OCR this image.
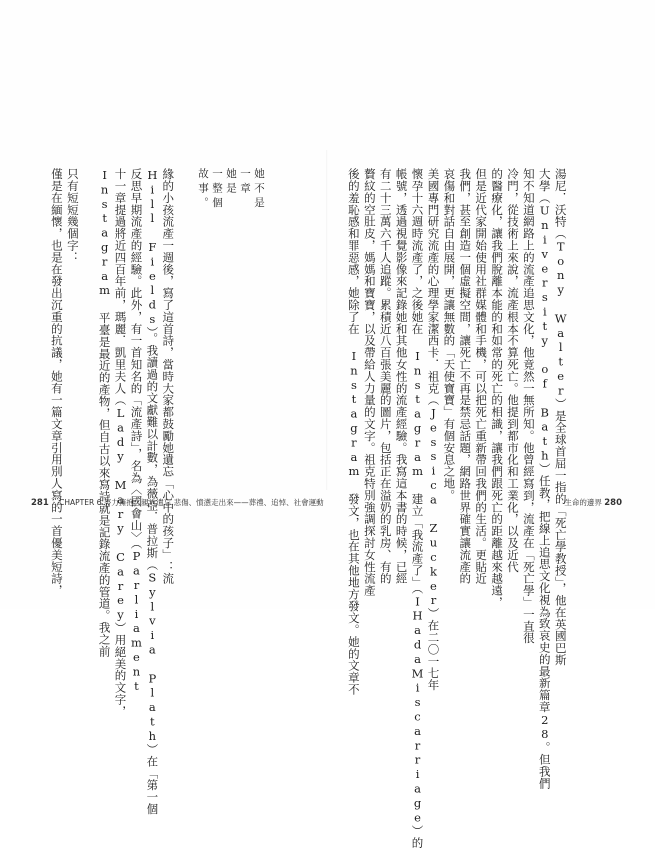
緣的小孩流產一週後，寫了這首詩，當時大家都鼓勵她遺忘「心中的孩子」：流
Hill Fields）。我讀過的文獻難以計數，為薇亞．普拉斯（Sylvia Plath）在「第一個
反思早期流產的經驗。此外，有一首知名的「流產詩」，名為〈國會山〉（Parliament
十一章提過將近四百年前，瑪麗．凱里夫人（Lady Mary Carey）用絕美的文字，
Instagram 平臺是最近的產物，但自古以來寫詩就是記錄流產的管道。我之前

只有短短幾個字：
僅是在緬懷，也是在發出沉重的抗議，她有一篇文章引用別人寫的一首優美短詩，	她不是
一章
她是
一整個
故事。
281 CHAPTER 6 努力擁抱，親近遺忘 悲傷、憤懣走出來——葬禮、追悼、社會運動	生命的邊界 280
湯尼．沃特（Tony Walter）是全球首屈一指的「死亡學教授」，他在英國巴斯
大學（University of Bath）任教，把線上追思文化視為致哀史的最新篇章28。但我們
知不知道網路上的流產追思文化，他竟然一無所知。他曾經寫到，流產在「死亡學」一直很
冷門，從技術上來說，流產根本不算死亡。他提到都市化和工業化，以及近代
的醫療化，讓我們脫離本能的和如常的死亡的相識，讓我們跟死亡的距離越來越遠，
但是近代家開始使用社群媒體和手機，可以把死亡重新帶回我們的生活。更貼近
我們，甚至創造一個虛擬空間，讓死亡不再是禁忌話題，網路世界確實讓流產的
哀傷和對話自由展開，更讓無數的「天使寶寶」有個安息之地。
美國專門研究流產的心理學家潔西卡．祖克（Jessica Zucker）在二〇一七年
懷孕十六週時流產了，之後她在 Instagram 建立「我流產了」（IHadaMiscarriage）的
帳號，透過視覺影像來記錄她和其他女性的流產經驗。我寫這本書的時候，已經
有二十三萬六千人追蹤。累積近八百張美麗的圖片，包括正在溢奶的乳房、有的
贅紋的空肚皮，媽媽和寶寶，以及帶給人力量的文字。祖克特別強調探討女性流產
後的羞恥感和罪惡感，她除了在 Instagram 發文，也在其他地方發文。她的文章不
